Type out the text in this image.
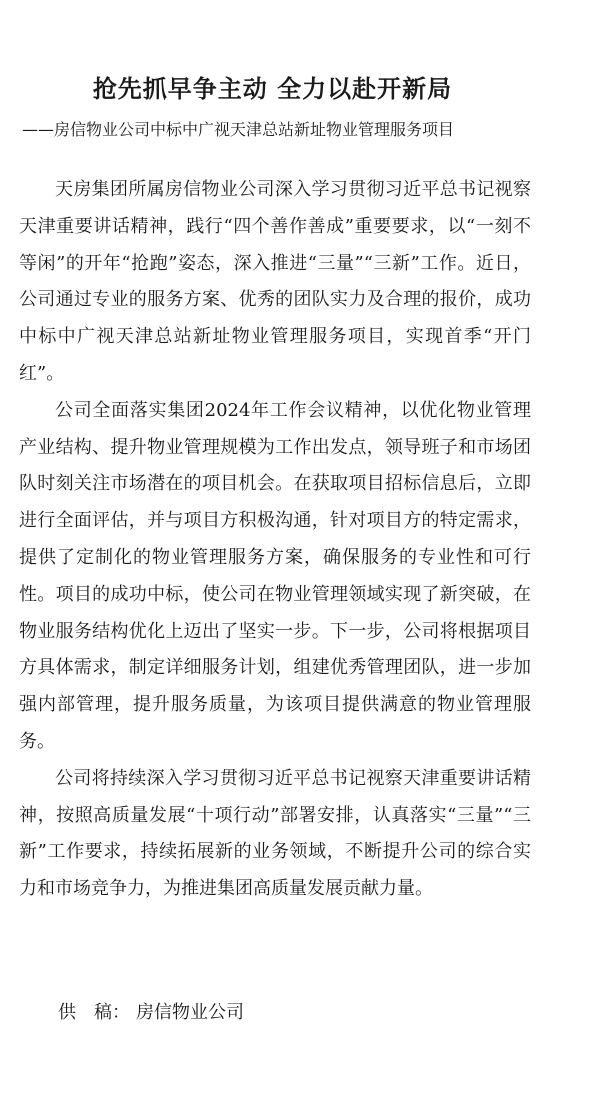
抢先抓早争主动 全力以赴开新局
——房信物业公司中标中广视天津总站新址物业管理服务项目

天房集团所属房信物业公司深入学习贯彻习近平总书记视察天津重要讲话精神，践行“四个善作善成”重要要求，以“一刻不等闲”的开年“抢跑”姿态，深入推进“三量”“三新”工作。近日，公司通过专业的服务方案、优秀的团队实力及合理的报价，成功中标中广视天津总站新址物业管理服务项目，实现首季“开门红”。

公司全面落实集团2024年工作会议精神，以优化物业管理产业结构、提升物业管理规模为工作出发点，领导班子和市场团队时刻关注市场潜在的项目机会。在获取项目招标信息后，立即进行全面评估，并与项目方积极沟通，针对项目方的特定需求，提供了定制化的物业管理服务方案，确保服务的专业性和可行性。项目的成功中标，使公司在物业管理领域实现了新突破，在物业服务结构优化上迈出了坚实一步。下一步，公司将根据项目方具体需求，制定详细服务计划，组建优秀管理团队，进一步加强内部管理，提升服务质量，为该项目提供满意的物业管理服务。

公司将持续深入学习贯彻习近平总书记视察天津重要讲话精神，按照高质量发展“十项行动”部署安排，认真落实“三量”“三新”工作要求，持续拓展新的业务领域，不断提升公司的综合实力和市场竞争力，为推进集团高质量发展贡献力量。

供　稿： 房信物业公司
